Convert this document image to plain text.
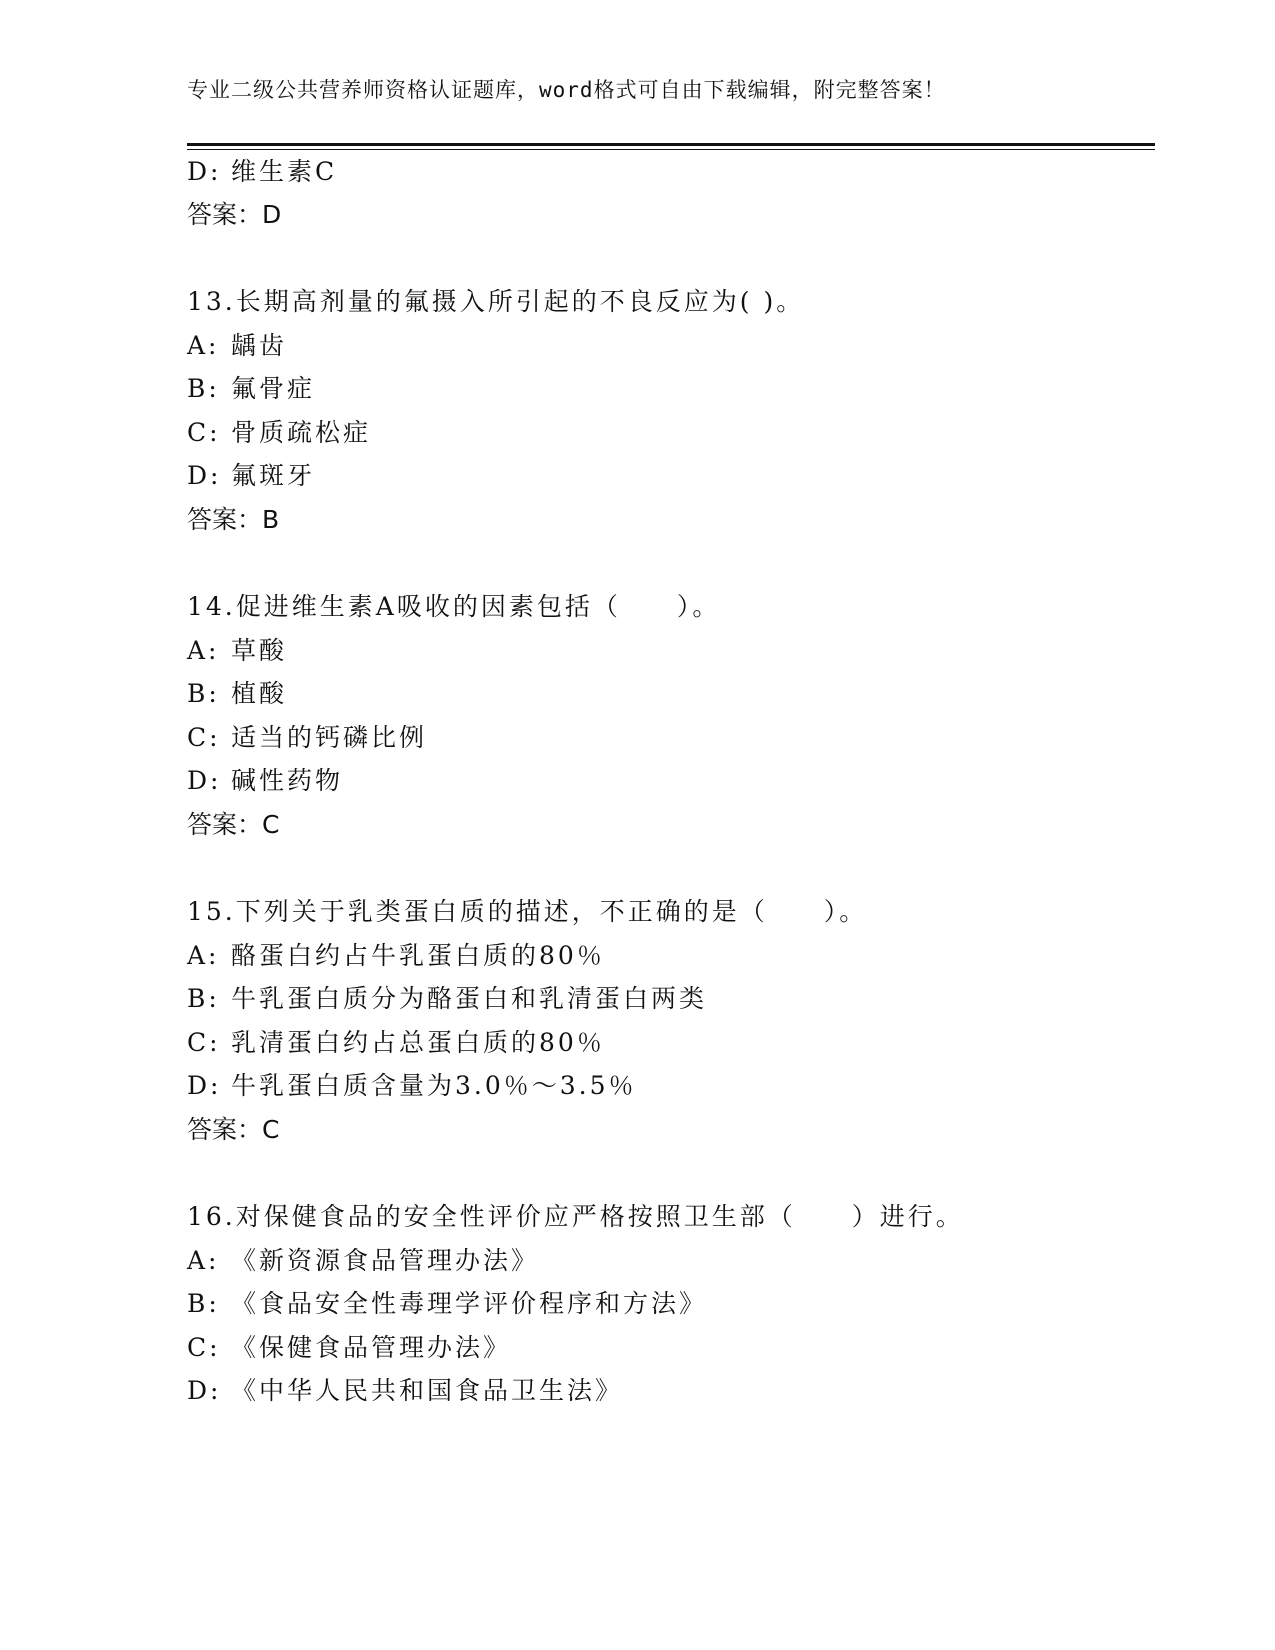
专业二级公共营养师资格认证题库，word格式可自由下载编辑，附完整答案！
D: 维生素C
答案：D
13.长期高剂量的氟摄入所引起的不良反应为( )。
A: 龋齿
B: 氟骨症
C: 骨质疏松症
D: 氟斑牙
答案：B
14.促进维生素A吸收的因素包括（　　）。
A: 草酸
B: 植酸
C: 适当的钙磷比例
D: 碱性药物
答案：C
15.下列关于乳类蛋白质的描述，不正确的是（　　）。
A: 酪蛋白约占牛乳蛋白质的80％
B: 牛乳蛋白质分为酪蛋白和乳清蛋白两类
C: 乳清蛋白约占总蛋白质的80％
D: 牛乳蛋白质含量为3.0％～3.5％
答案：C
16.对保健食品的安全性评价应严格按照卫生部（　　）进行。
A: 《新资源食品管理办法》
B: 《食品安全性毒理学评价程序和方法》
C: 《保健食品管理办法》
D: 《中华人民共和国食品卫生法》
